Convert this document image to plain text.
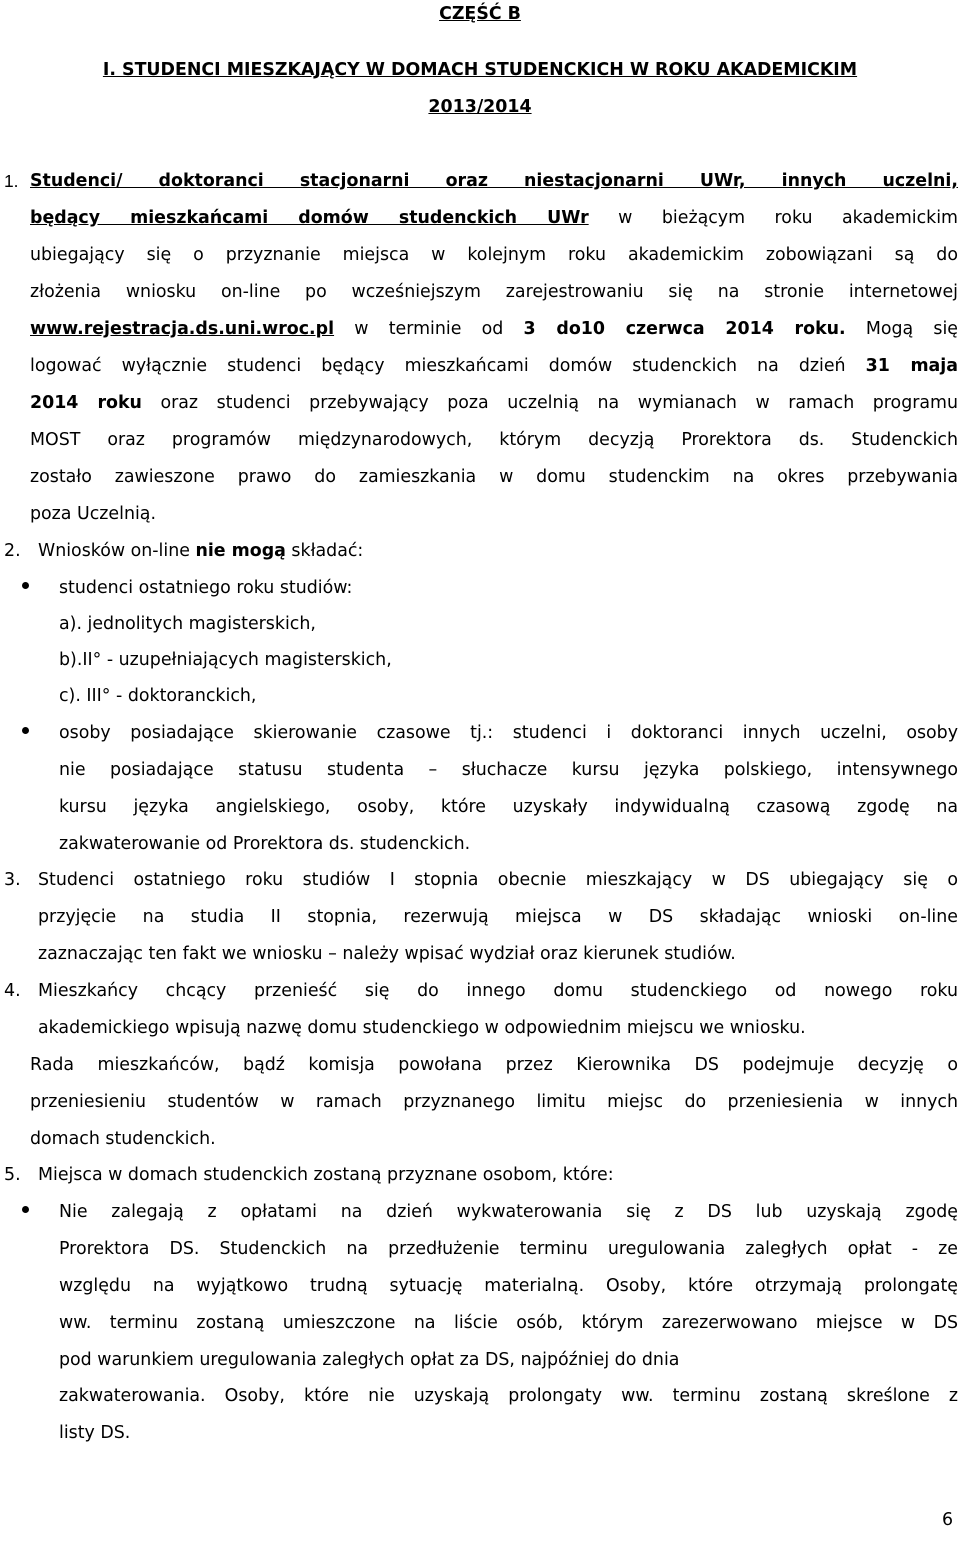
CZĘŚĆ B
I. STUDENCI MIESZKAJĄCY W DOMACH STUDENCKICH W ROKU AKADEMICKIM
2013/2014
1. Studenci/ doktoranci stacjonarni oraz niestacjonarni UWr, innych uczelni,
będący mieszkańcami domów studenckich UWr w bieżącym roku akademickim
ubiegający się o przyznanie miejsca w kolejnym roku akademickim zobowiązani są do
złożenia wniosku on-line po wcześniejszym zarejestrowaniu się na stronie internetowej
www.rejestracja.ds.uni.wroc.pl w terminie od 3 do10 czerwca 2014 roku. Mogą się
logować wyłącznie studenci będący mieszkańcami domów studenckich na dzień 31 maja
2014 roku oraz studenci przebywający poza uczelnią na wymianach w ramach programu
MOST oraz programów międzynarodowych, którym decyzją Prorektora ds. Studenckich
zostało zawieszone prawo do zamieszkania w domu studenckim na okres przebywania
poza Uczelnią.
2. Wniosków on-line nie mogą składać:
studenci ostatniego roku studiów:
a). jednolitych magisterskich,
b).II° - uzupełniających magisterskich,
c). III° - doktoranckich,
osoby posiadające skierowanie czasowe tj.: studenci i doktoranci innych uczelni, osoby
nie posiadające statusu studenta – słuchacze kursu języka polskiego, intensywnego
kursu języka angielskiego, osoby, które uzyskały indywidualną czasową zgodę na
zakwaterowanie od Prorektora ds. studenckich.
3. Studenci ostatniego roku studiów I stopnia obecnie mieszkający w DS ubiegający się o
przyjęcie na studia II stopnia, rezerwują miejsca w DS składając wnioski on-line
zaznaczając ten fakt we wniosku – należy wpisać wydział oraz kierunek studiów.
4. Mieszkańcy chcący przenieść się do innego domu studenckiego od nowego roku
akademickiego wpisują nazwę domu studenckiego w odpowiednim miejscu we wniosku.
Rada mieszkańców, bądź komisja powołana przez Kierownika DS podejmuje decyzję o
przeniesieniu studentów w ramach przyznanego limitu miejsc do przeniesienia w innych
domach studenckich.
5. Miejsca w domach studenckich zostaną przyznane osobom, które:
Nie zalegają z opłatami na dzień wykwaterowania się z DS lub uzyskają zgodę
Prorektora DS. Studenckich na przedłużenie terminu uregulowania zaległych opłat - ze
względu na wyjątkowo trudną sytuację materialną. Osoby, które otrzymają prolongatę
ww. terminu zostaną umieszczone na liście osób, którym zarezerwowano miejsce w DS
pod warunkiem uregulowania zaległych opłat za DS, najpóźniej do dnia
zakwaterowania. Osoby, które nie uzyskają prolongaty ww. terminu zostaną skreślone z
listy DS.
6
